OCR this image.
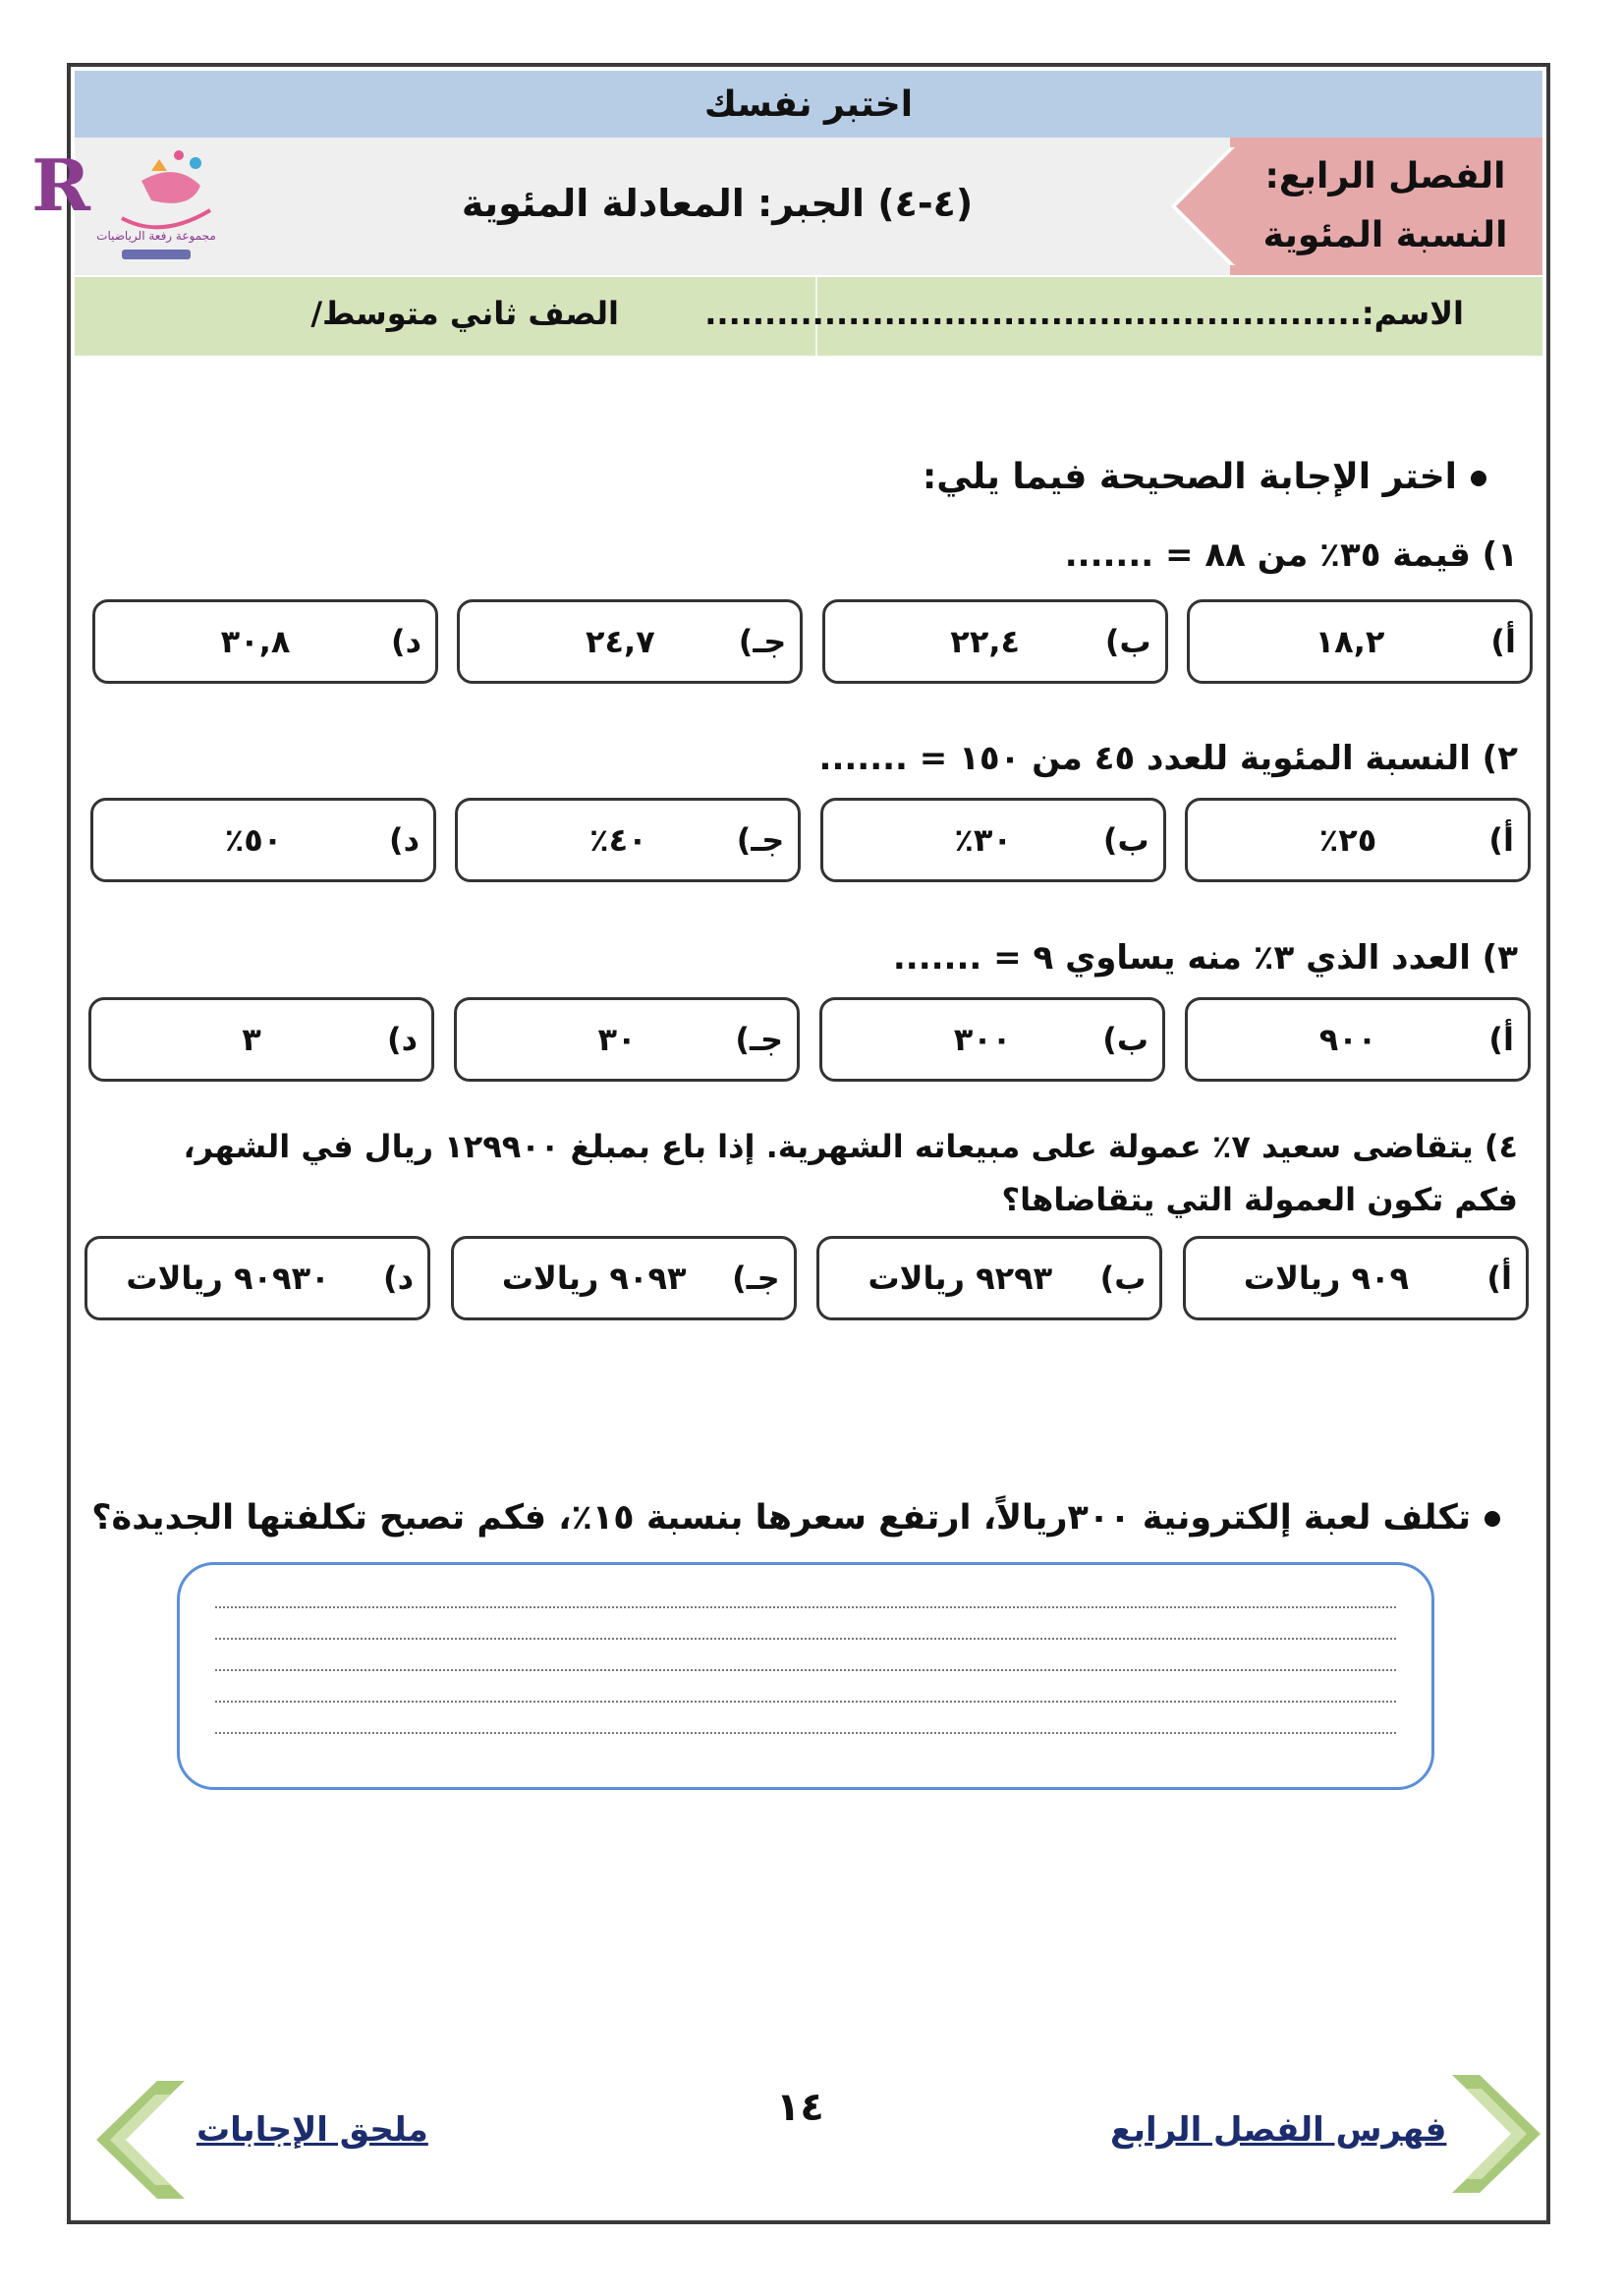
اختبر نفسك
(٤-٤) الجبر: المعادلة المئوية
R
مجموعة رفعة الرياضيات
الفصل الرابع:
النسبة المئوية
الاسم:.......................................................
الصف ثاني متوسط/
اختر الإجابة الصحيحة فيما يلي:
١) قيمة ٣٥٪ من ٨٨ = .......
أ)
١٨,٢
ب)
٢٢,٤
جـ)
٢٤,٧
د)
٣٠,٨
٢) النسبة المئوية للعدد ٤٥ من ١٥٠ = .......
أ)
٢٥٪
ب)
٣٠٪
جـ)
٤٠٪
د)
٥٠٪
٣) العدد الذي ٣٪ منه يساوي ٩ = .......
أ)
٩٠٠
ب)
٣٠٠
جـ)
٣٠
د)
٣
٤) يتقاضى سعيد ٧٪ عمولة على مبيعاته الشهرية. إذا باع بمبلغ ١٢٩٩٠٠ ريال في الشهر، فكم تكون العمولة التي يتقاضاها؟
أ)
٩٠٩ ريالات
ب)
٩٢٩٣ ريالات
جـ)
٩٠٩٣ ريالات
د)
٩٠٩٣٠ ريالات
تكلف لعبة إلكترونية ٣٠٠ريالاً، ارتفع سعرها بنسبة ١٥٪، فكم تصبح تكلفتها الجديدة؟
١٤	فهرس الفصل الرابع
ملحق الإجابات
